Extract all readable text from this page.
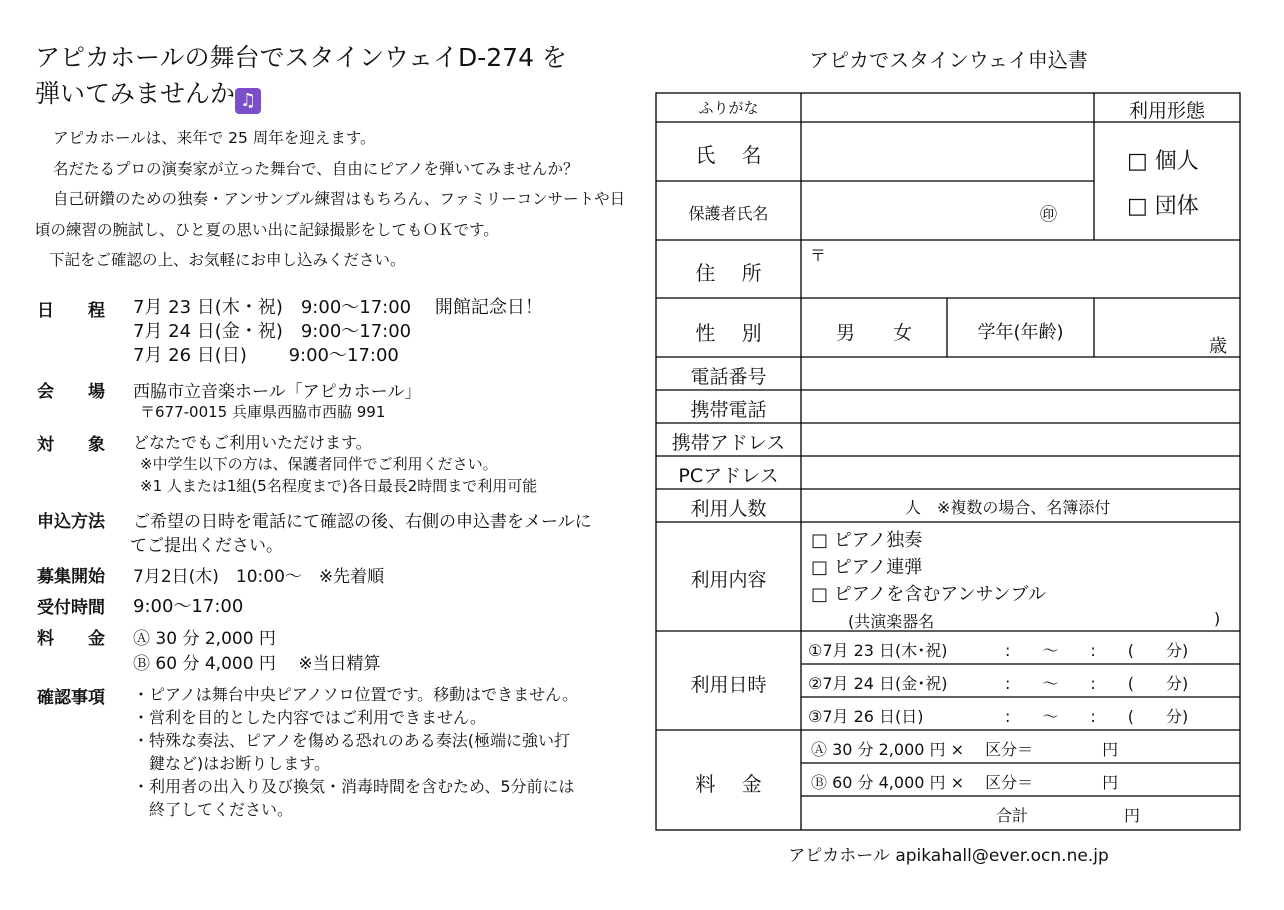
アピカホールの舞台でスタインウェイD-274 を
弾いてみませんか ♫
アピカホールは、来年で 25 周年を迎えます。
名だたるプロの演奏家が立った舞台で、自由にピアノを弾いてみませんか？
自己研鑽のための独奏・アンサンブル練習はもちろん、ファミリーコンサートや日
頃の練習の腕試し、ひと夏の思い出に記録撮影をしてもＯＫです。
下記をご確認の上、お気軽にお申し込みください。
日　　程 7月 23 日(木・祝)　9:00〜17:00　 開館記念日！
7月 24 日(金・祝)　9:00〜17:00
7月 26 日(日)　　 9:00〜17:00
会　　場 西脇市立音楽ホール「アピカホール」
〒677-0015 兵庫県西脇市西脇 991
対　　象 どなたでもご利用いただけます。
※中学生以下の方は、保護者同伴でご利用ください。
※1 人または1組(5名程度まで)各日最長2時間まで利用可能
申込方法 ご希望の日時を電話にて確認の後、右側の申込書をメールに
てご提出ください。
募集開始 7月2日(木)　10:00〜　※先着順
受付時間 9:00〜17:00
料　　金 Ⓐ 30 分 2,000 円
Ⓑ 60 分 4,000 円　 ※当日精算
確認事項 ・ピアノは舞台中央ピアノソロ位置です。移動はできません。
・営利を目的とした内容ではご利用できません。
・特殊な奏法、ピアノを傷める恐れのある奏法(極端に強い打
　鍵など)はお断りします。
・利用者の出入り及び換気・消毒時間を含むため、5分前には
　終了してください。
アピカでスタインウェイ申込書
ふりがな	利用形態
氏　 名
保護者氏名	㊞
□ 個人
□ 団体
住　 所
〒
性　 別	男　　女	学年(年齢)
歳
電話番号
携帯電話
携帯アドレス
PCアドレス
利用人数	人　※複数の場合、名簿添付
利用内容
□ ピアノ独奏
□ ピアノ連弾
□ ピアノを含むアンサンブル
(共演楽器名	)
利用日時
①7月 23 日(木･祝)	:　　〜　　:　　(　　分)
②7月 24 日(金･祝)	:　　〜　　:　　(　　分)
③7月 26 日(日)	:　　〜　　:　　(　　分)
料　 金
Ⓐ 30 分 2,000 円 ×　 区分＝　　　　 円
Ⓑ 60 分 4,000 円 ×　 区分＝　　　　 円
合計　　　　　　円
アピカホール apikahall@ever.ocn.ne.jp
